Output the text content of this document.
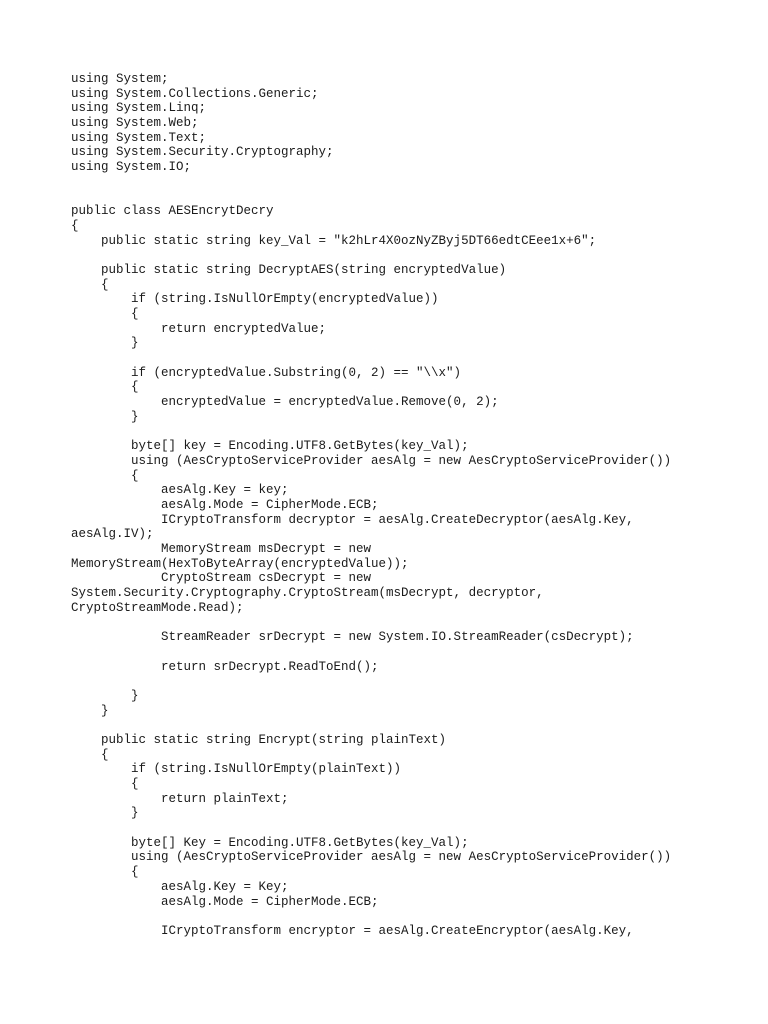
using System;
using System.Collections.Generic;
using System.Linq;
using System.Web;
using System.Text;
using System.Security.Cryptography;
using System.IO;
public class AESEncrytDecry
{
public static string key_Val = "k2hLr4X0ozNyZByj5DT66edtCEee1x+6";
public static string DecryptAES(string encryptedValue)
{
if (string.IsNullOrEmpty(encryptedValue))
{
return encryptedValue;
}
if (encryptedValue.Substring(0, 2) == "\\x")
{
encryptedValue = encryptedValue.Remove(0, 2);
}
byte[] key = Encoding.UTF8.GetBytes(key_Val);
using (AesCryptoServiceProvider aesAlg = new AesCryptoServiceProvider())
{
aesAlg.Key = key;
aesAlg.Mode = CipherMode.ECB;
ICryptoTransform decryptor = aesAlg.CreateDecryptor(aesAlg.Key,
aesAlg.IV);
MemoryStream msDecrypt = new
MemoryStream(HexToByteArray(encryptedValue));
CryptoStream csDecrypt = new
System.Security.Cryptography.CryptoStream(msDecrypt, decryptor,
CryptoStreamMode.Read);
StreamReader srDecrypt = new System.IO.StreamReader(csDecrypt);
return srDecrypt.ReadToEnd();
}
}
public static string Encrypt(string plainText)
{
if (string.IsNullOrEmpty(plainText))
{
return plainText;
}
byte[] Key = Encoding.UTF8.GetBytes(key_Val);
using (AesCryptoServiceProvider aesAlg = new AesCryptoServiceProvider())
{
aesAlg.Key = Key;
aesAlg.Mode = CipherMode.ECB;
ICryptoTransform encryptor = aesAlg.CreateEncryptor(aesAlg.Key,
